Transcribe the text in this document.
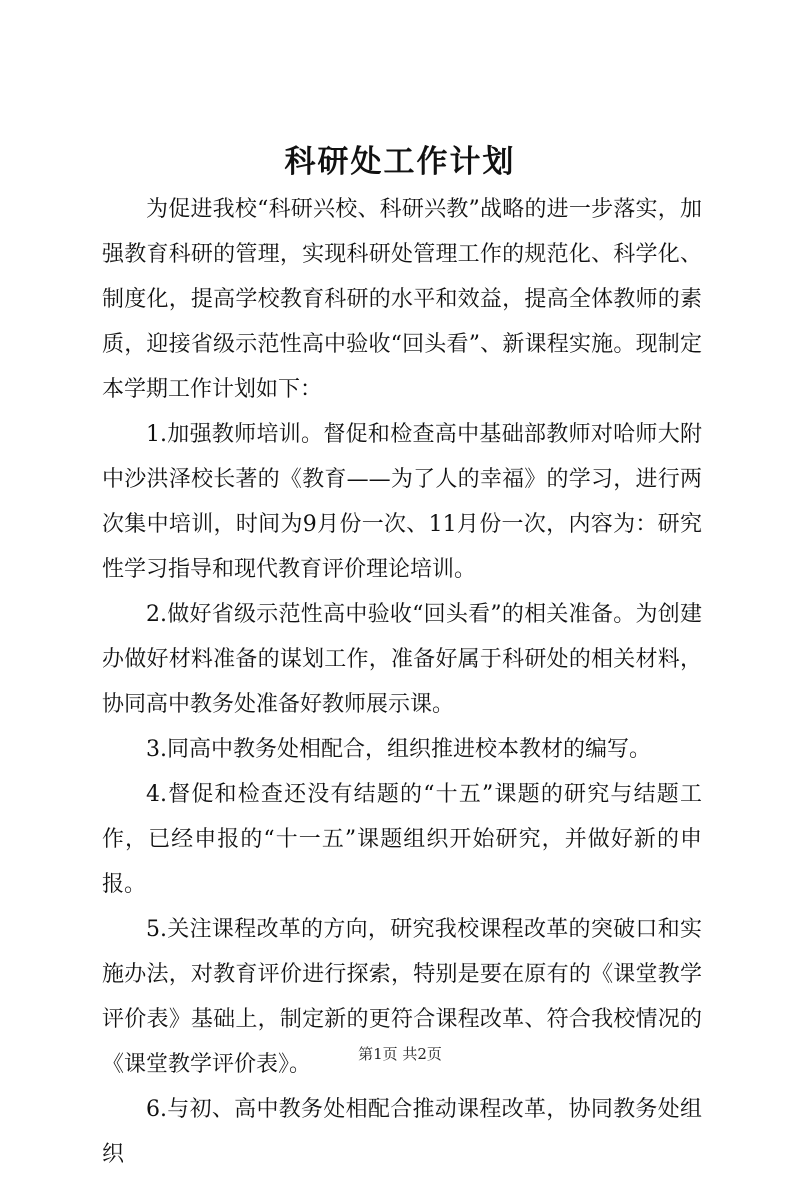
科研处工作计划

为促进我校“科研兴校、科研兴教”战略的进一步落实，加强教育科研的管理，实现科研处管理工作的规范化、科学化、制度化，提高学校教育科研的水平和效益，提高全体教师的素质，迎接省级示范性高中验收“回头看”、新课程实施。现制定本学期工作计划如下：

1.加强教师培训。督促和检查高中基础部教师对哈师大附中沙洪泽校长著的《教育——为了人的幸福》的学习，进行两次集中培训，时间为9月份一次、11月份一次，内容为：研究性学习指导和现代教育评价理论培训。

2.做好省级示范性高中验收“回头看”的相关准备。为创建办做好材料准备的谋划工作，准备好属于科研处的相关材料，协同高中教务处准备好教师展示课。

3.同高中教务处相配合，组织推进校本教材的编写。

4.督促和检查还没有结题的“十五”课题的研究与结题工作，已经申报的“十一五”课题组织开始研究，并做好新的申报。

5.关注课程改革的方向，研究我校课程改革的突破口和实施办法，对教育评价进行探索，特别是要在原有的《课堂教学评价表》基础上，制定新的更符合课程改革、符合我校情况的《课堂教学评价表》。

6.与初、高中教务处相配合推动课程改革，协同教务处组织

第1页 共2页
